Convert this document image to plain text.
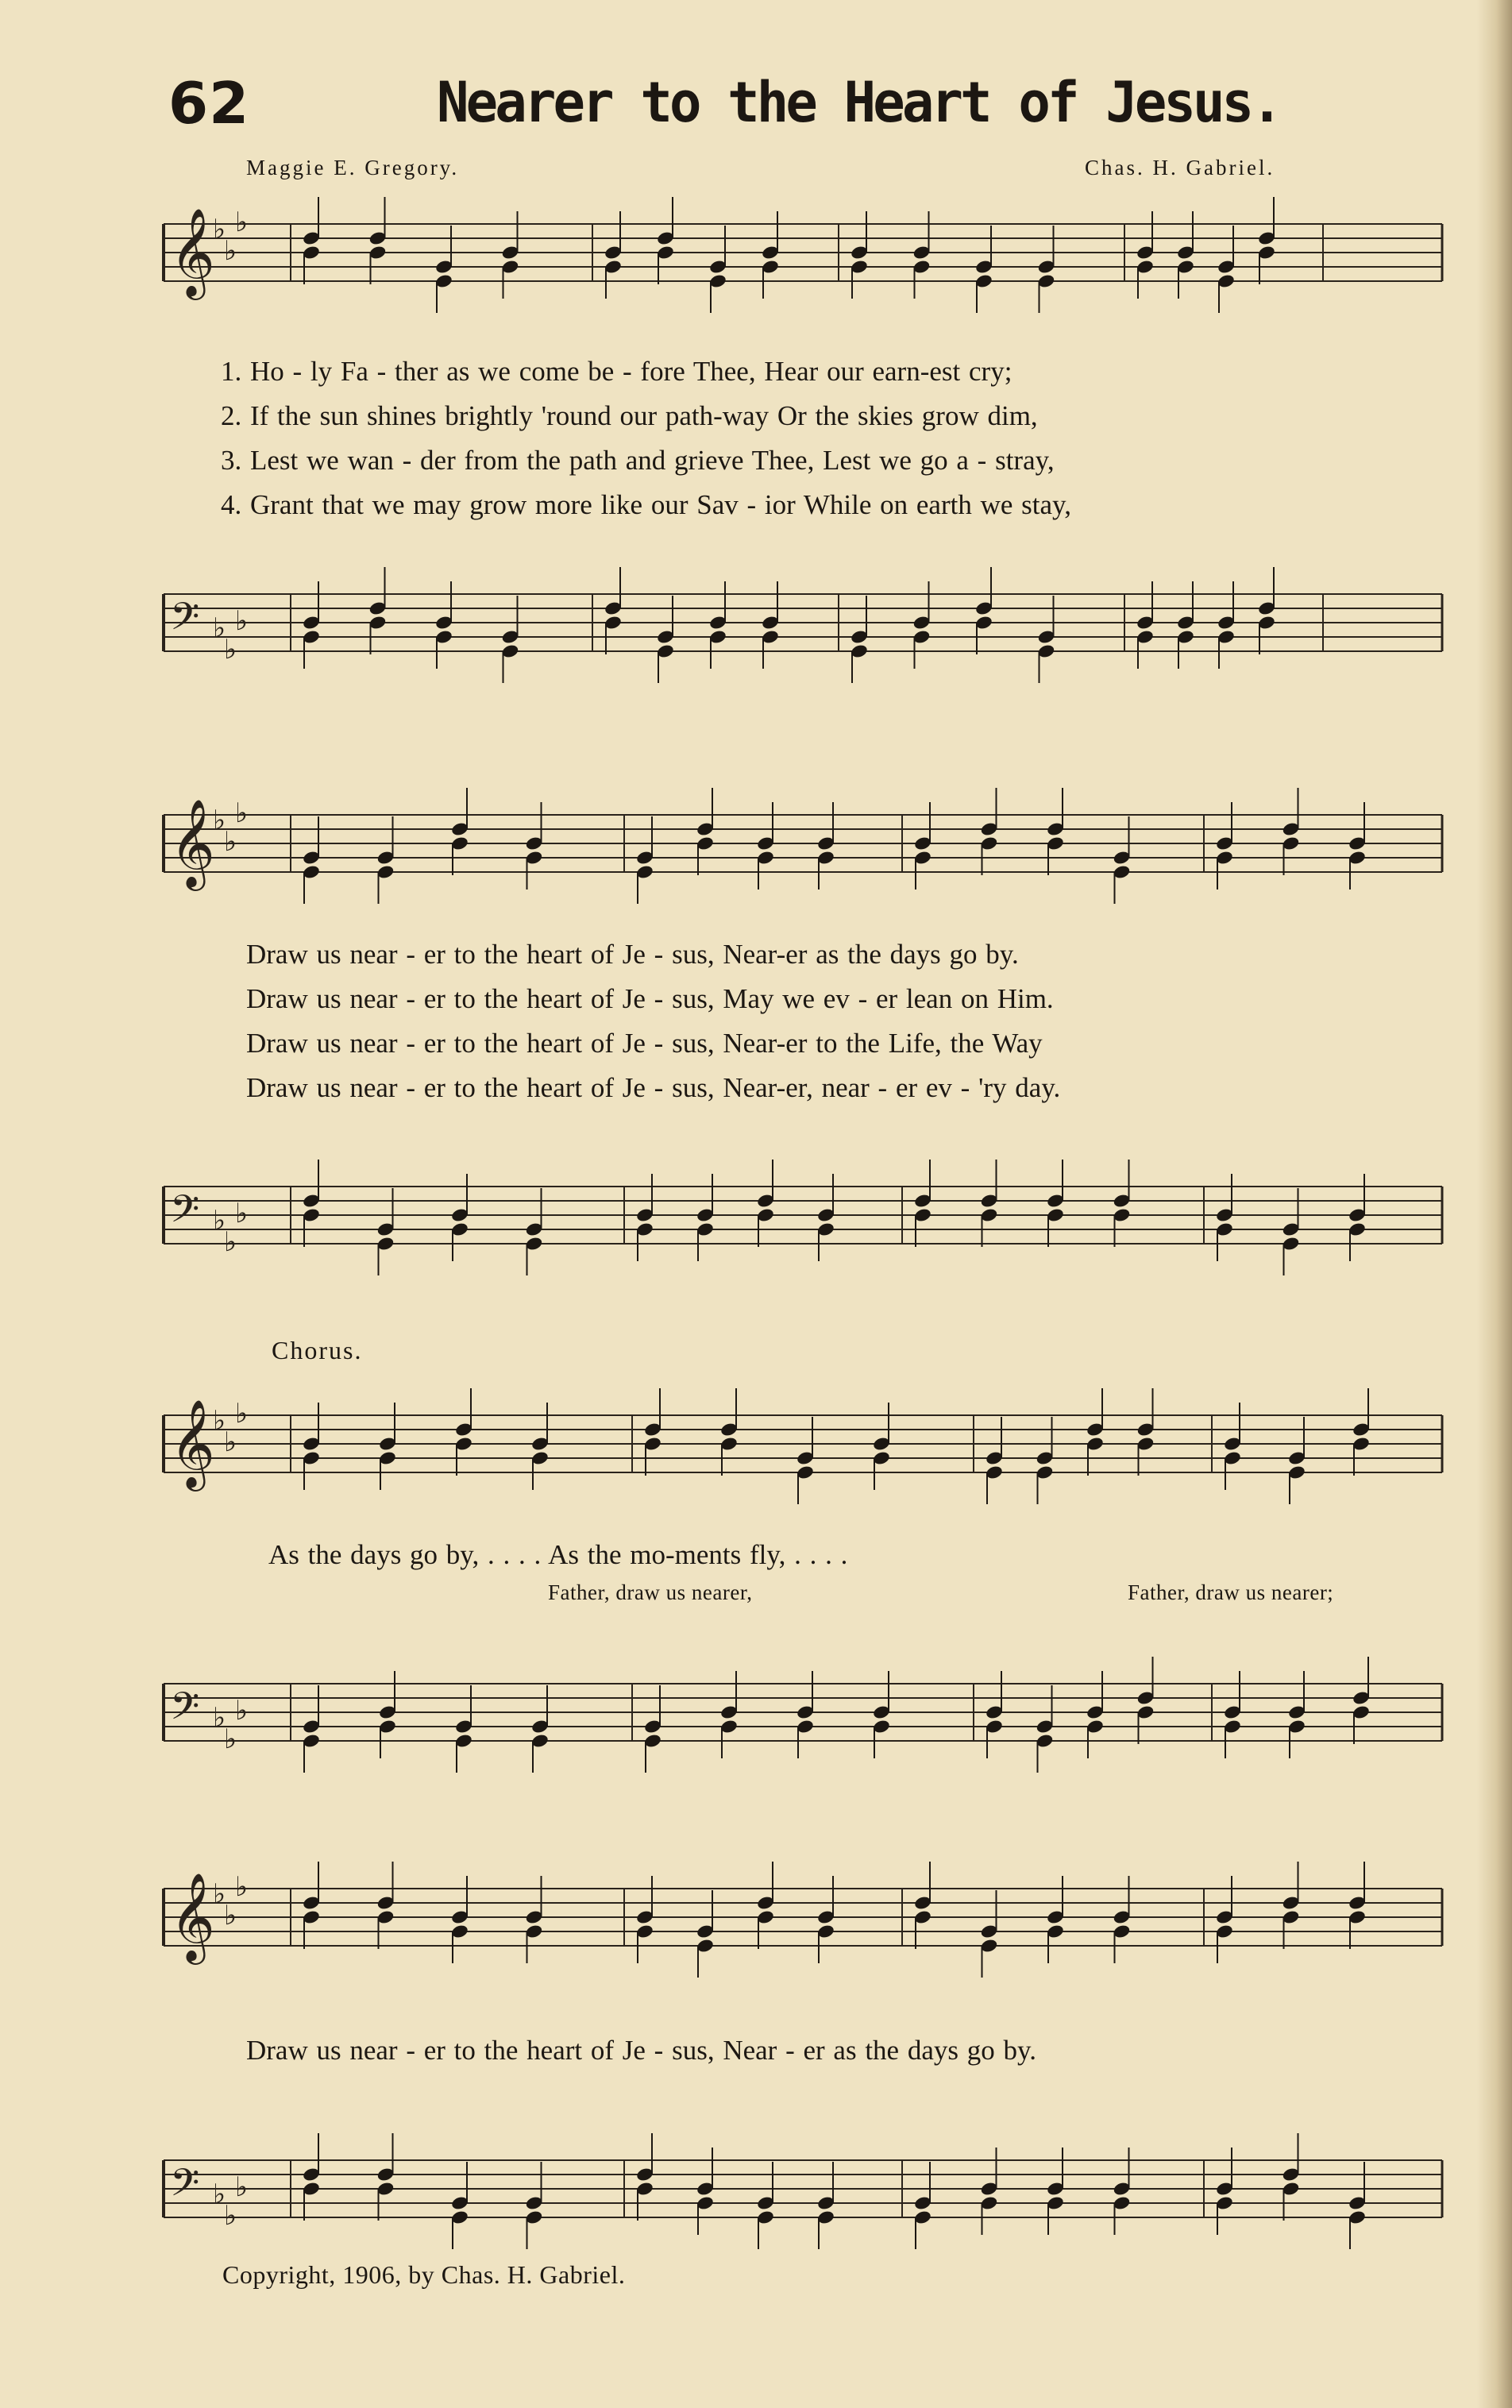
62	Nearer to the Heart of Jesus.
Maggie E. Gregory.	Chas. H. Gabriel.
𝄞
♭
♭
♭
1. Ho - ly Fa - ther as we come be - fore Thee, Hear our earn-est cry;
2. If the sun shines brightly 'round our path-way Or the skies grow dim,
3. Lest we wan - der from the path and grieve Thee, Lest we go a - stray,
4. Grant that we may grow more like our Sav - ior While on earth we stay,
𝄢 ♭
♭
♭
𝄞
♭
♭
♭
Draw us near - er to the heart of Je - sus, Near-er as the days go by.
Draw us near - er to the heart of Je - sus, May we ev - er lean on Him.
Draw us near - er to the heart of Je - sus, Near-er to the Life, the Way
Draw us near - er to the heart of Je - sus, Near-er, near - er ev - 'ry day.
𝄢 ♭
♭
♭
Chorus.
𝄞
♭
♭
♭
As the days go by, . . . . As the mo-ments fly, . . . .
Father, draw us nearer,	Father, draw us nearer;
𝄢 ♭
♭
♭
𝄞
♭
♭
♭
Draw us near - er to the heart of Je - sus, Near - er as the days go by.
𝄢 ♭
♭
♭
Copyright, 1906, by Chas. H. Gabriel.
